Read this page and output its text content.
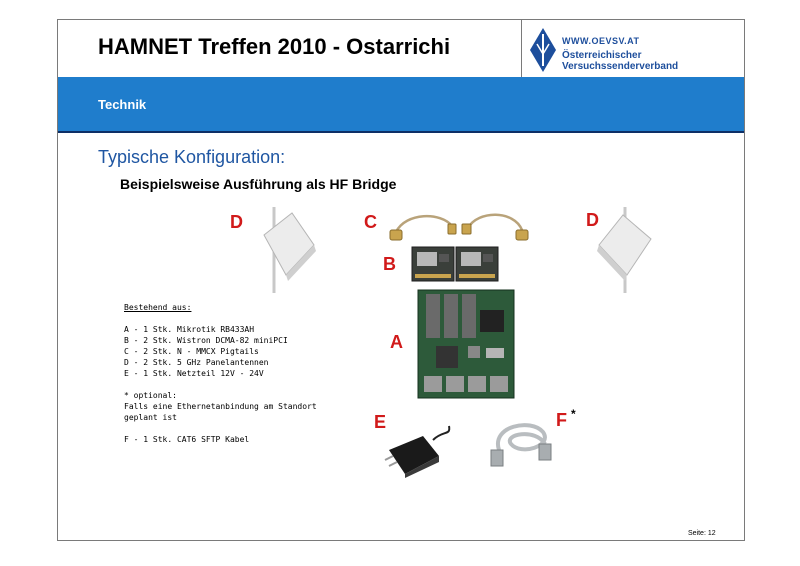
HAMNET Treffen 2010 - Ostarrichi	WWW.OEVSV.AT
Österreichischer Versuchssenderverband
Technik
Typische Konfiguration:
Beispielsweise Ausführung als HF Bridge
D	D
C
B
A
Bestehend aus:
A - 1 Stk. Mikrotik RB433AH
B - 2 Stk. Wistron DCMA-82 miniPCI
C - 2 Stk. N - MMCX Pigtails
D - 2 Stk. 5 GHz Panelantennen
E - 1 Stk. Netzteil 12V - 24V
* optional:
Falls eine Ethernetanbindung am Standort
geplant ist
F - 1 Stk. CAT6 SFTP Kabel
E	F *
Seite: 12
